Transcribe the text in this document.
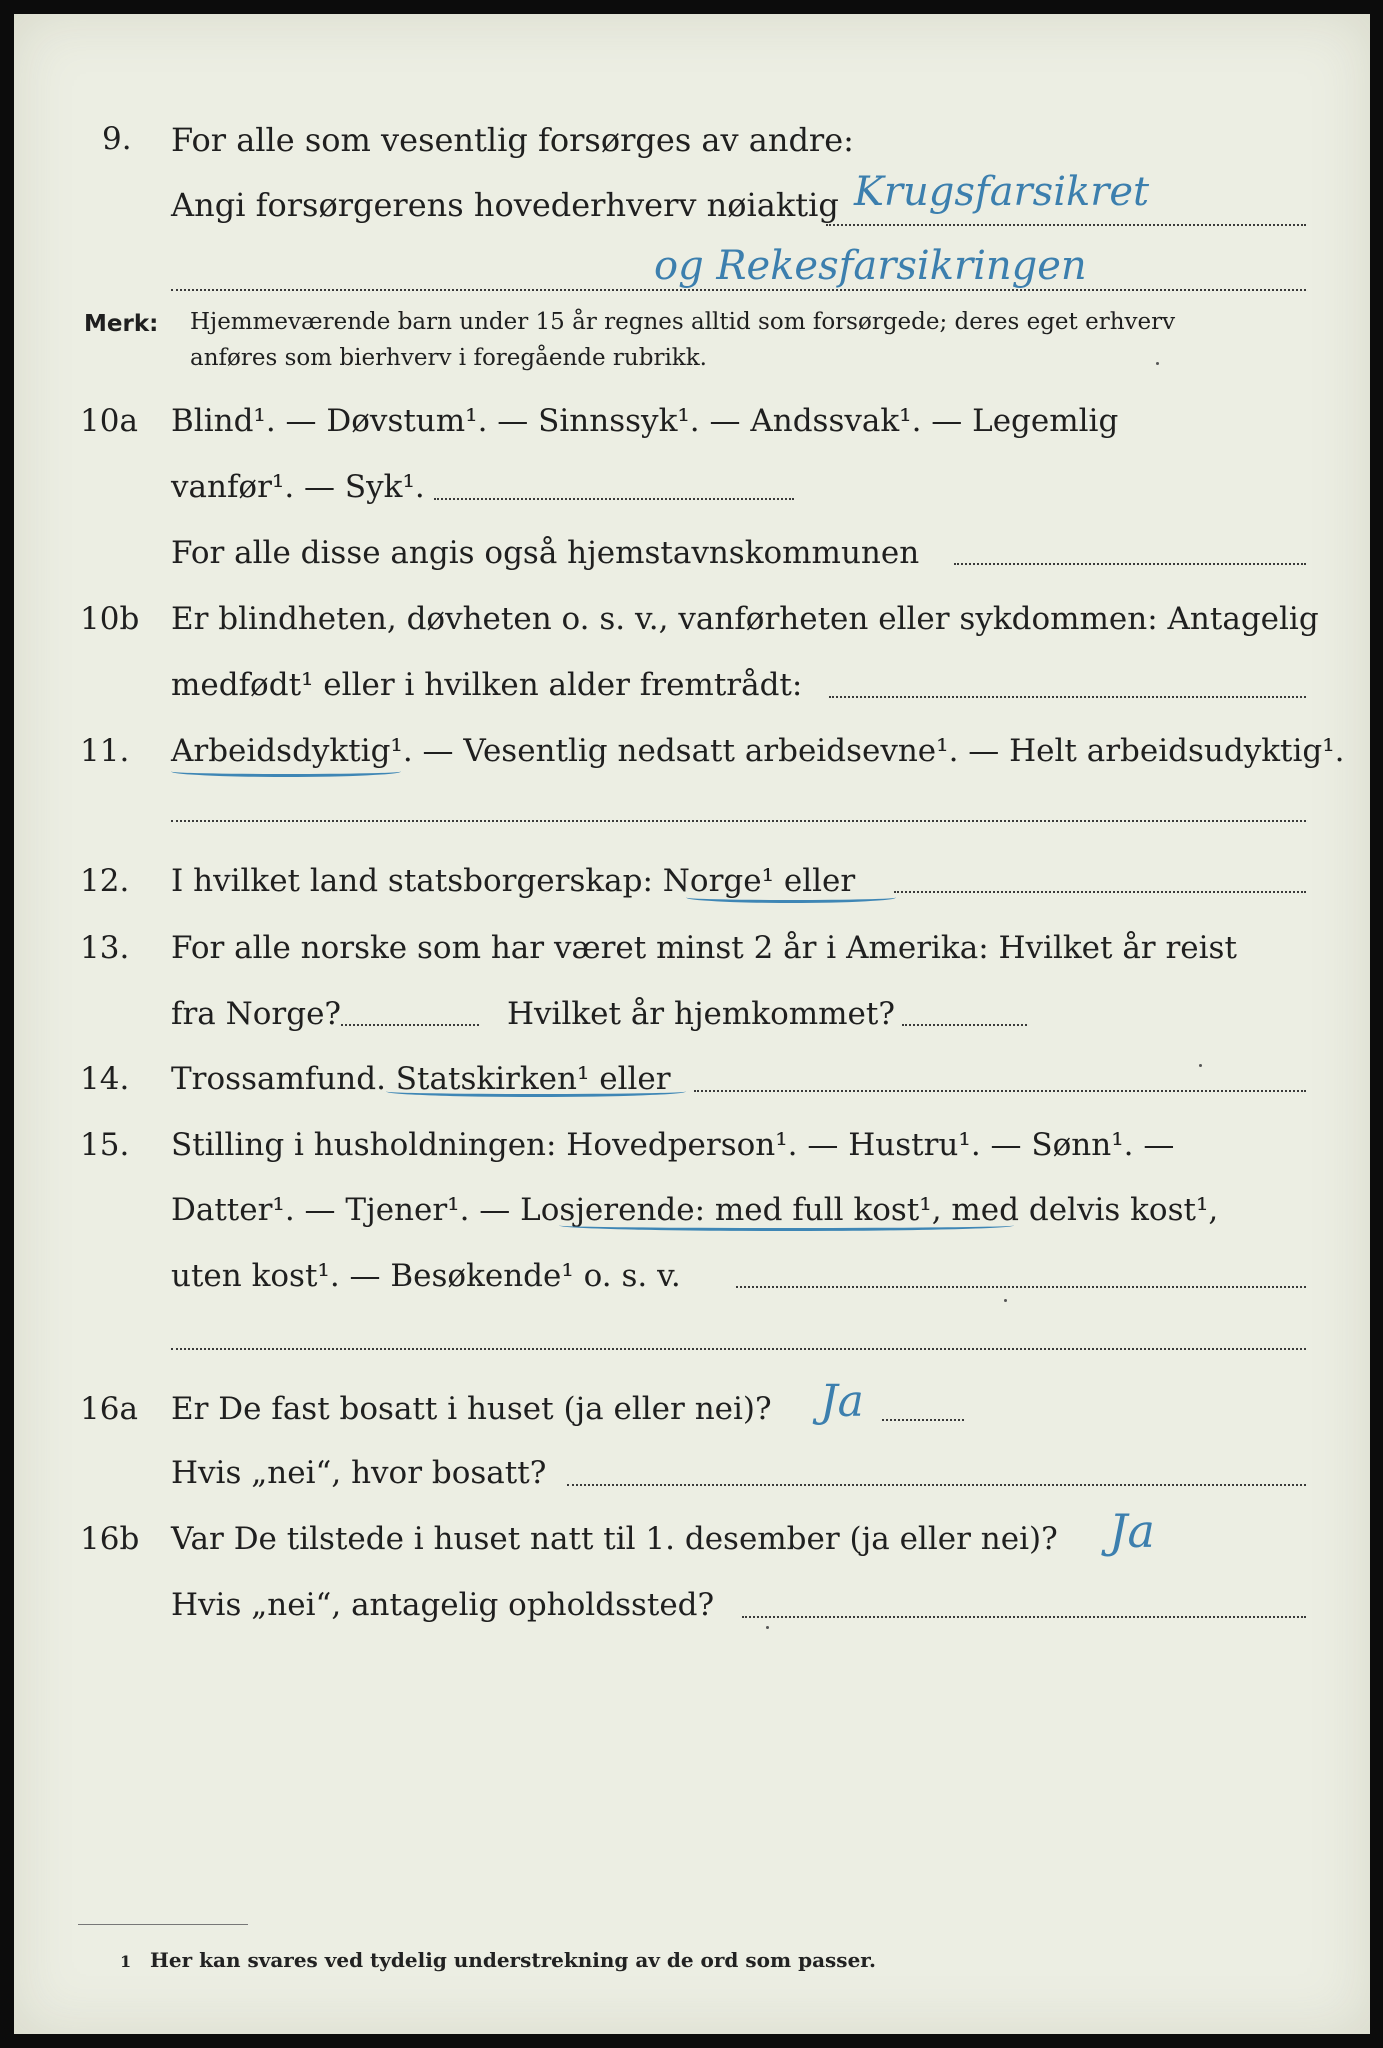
9. For alle som vesentlig forsørges av andre:
Angi forsørgerens hovederhverv nøiaktig Krugsfarsikret
og Rekesfarsikringen
Merk: Hjemmeværende barn under 15 år regnes alltid som forsørgede; deres eget erhverv
anføres som bierhverv i foregående rubrikk.
10a Blind¹. — Døvstum¹. — Sinnssyk¹. — Andssvak¹. — Legemlig
vanfør¹. — Syk¹.
For alle disse angis også hjemstavnskommunen
10b Er blindheten, døvheten o. s. v., vanførheten eller sykdommen: Antagelig
medfødt¹ eller i hvilken alder fremtrådt:
11. Arbeidsdyktig¹. — Vesentlig nedsatt arbeidsevne¹. — Helt arbeidsudyktig¹.
12. I hvilket land statsborgerskap: Norge¹ eller
13. For alle norske som har været minst 2 år i Amerika: Hvilket år reist
fra Norge?	Hvilket år hjemkommet?
14. Trossamfund. Statskirken¹ eller
15. Stilling i husholdningen: Hovedperson¹. — Hustru¹. — Sønn¹. —
Datter¹. — Tjener¹. — Losjerende: med full kost¹, med delvis kost¹,
uten kost¹. — Besøkende¹ o. s. v.
16a Er De fast bosatt i huset (ja eller nei)? Ja
Hvis „nei“, hvor bosatt?
16b Var De tilstede i huset natt til 1. desember (ja eller nei)? Ja
Hvis „nei“, antagelig opholdssted?
1 Her kan svares ved tydelig understrekning av de ord som passer.
